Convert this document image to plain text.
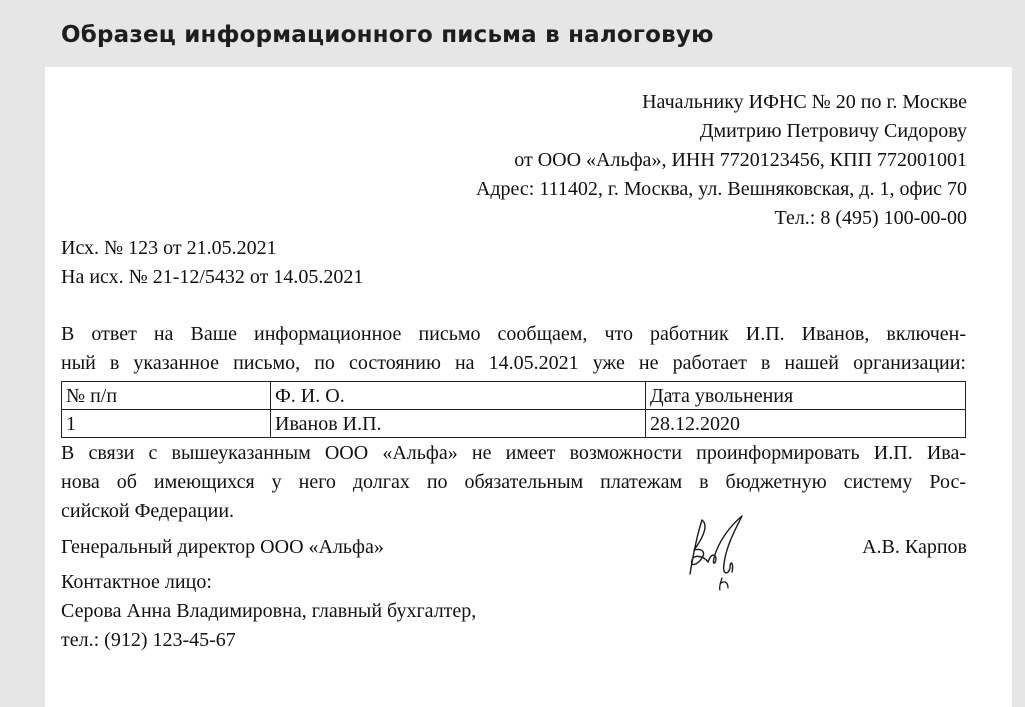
Образец информационного письма в налоговую
Начальнику ИФНС № 20 по г. Москве
Дмитрию Петровичу Сидорову
от ООО «Альфа», ИНН 7720123456, КПП 772001001
Адрес: 111402, г. Москва, ул. Вешняковская, д. 1, офис 70
Тел.: 8 (495) 100-00-00
Исх. № 123 от 21.05.2021
На исх. № 21-12/5432 от 14.05.2021
В ответ на Ваше информационное письмо сообщаем, что работник И.П. Иванов, включен-
ный в указанное письмо, по состоянию на 14.05.2021 уже не работает в нашей организации:
№ п/п	Ф. И. О.	Дата увольнения
1	Иванов И.П.	28.12.2020
В связи с вышеуказанным ООО «Альфа» не имеет возможности проинформировать И.П. Ива-
нова об имеющихся у него долгах по обязательным платежам в бюджетную систему Рос-
сийской Федерации.
Генеральный директор ООО «Альфа»	А.В. Карпов
Контактное лицо:
Серова Анна Владимировна, главный бухгалтер,
тел.: (912) 123-45-67
